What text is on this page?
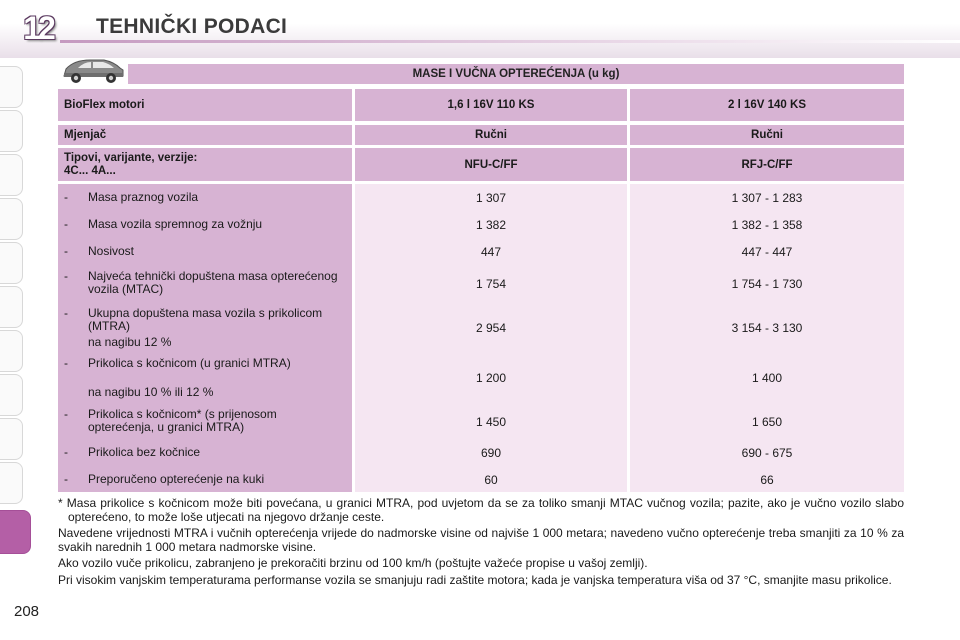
12	TEHNIČKI PODACI
208
MASE I VUČNA OPTEREĆENJA (u kg)
BioFlex motori	1,6 l 16V 110 KS	2 l 16V 140 KS
Mjenjač	Ručni	Ručni
Tipovi, varijante, verzije:
4C... 4A...	NFU-C/FF	RFJ-C/FF
- Masa praznog vozila	1 307	1 307 - 1 283
- Masa vozila spremnog za vožnju	1 382	1 382 - 1 358
- Nosivost	447	447 - 447
- Najveća tehnički dopuštena masa opterećenog vozila (MTAC)	1 754	1 754 - 1 730
- Ukupna dopuštena masa vozila s prikolicom (MTRA)
na nagibu 12 %
2 954	3 154 - 3 130
- Prikolica s kočnicom (u granici MTRA)
na nagibu 10 % ili 12 %
1 200	1 400
- Prikolica s kočnicom* (s prijenosom opterećenja, u granici MTRA)	1 450	1 650
- Prikolica bez kočnice	690	690 - 675
- Preporučeno opterećenje na kuki	60	66

* Masa prikolice s kočnicom može biti povećana, u granici MTRA, pod uvjetom da se za toliko smanji MTAC vučnog vozila; pazite, ako je vučno vozilo slabo opterećeno, to može loše utjecati na njegovo držanje ceste.

Navedene vrijednosti MTRA i vučnih opterećenja vrijede do nadmorske visine od najviše 1 000 metara; navedeno vučno opterećenje treba smanjiti za 10 % za svakih narednih 1 000 metara nadmorske visine.

Ako vozilo vuče prikolicu, zabranjeno je prekoračiti brzinu od 100 km/h (poštujte važeće propise u vašoj zemlji).

Pri visokim vanjskim temperaturama performanse vozila se smanjuju radi zaštite motora; kada je vanjska temperatura viša od 37 °C, smanjite masu prikolice.
